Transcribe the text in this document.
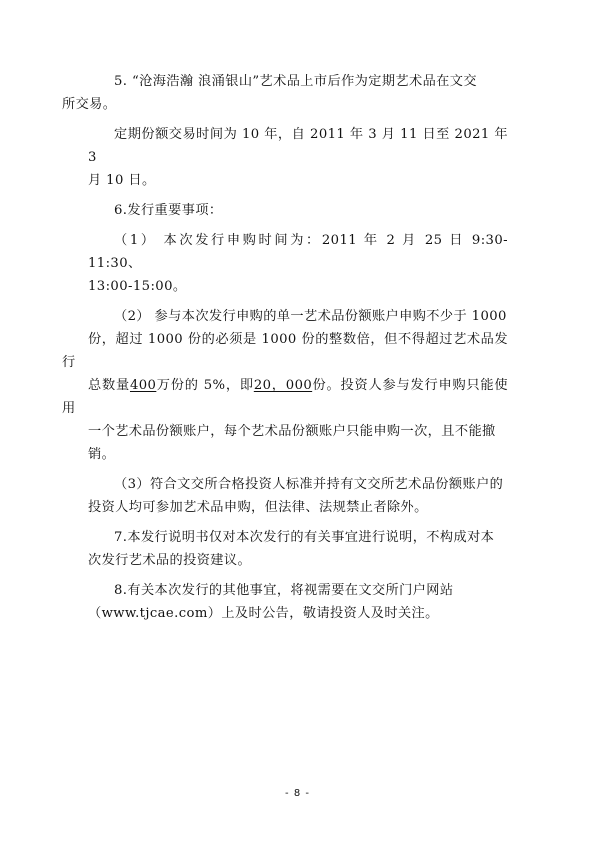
5. “沧海浩瀚 浪涌银山”艺术品上市后作为定期艺术品在文交
所交易。

定期份额交易时间为 10 年，自 2011 年 3 月 11 日至 2021 年 3
月 10 日。

6.发行重要事项：

（1） 本次发行申购时间为：2011 年 2 月 25 日 9:30-11:30、
13:00-15:00。

（2） 参与本次发行申购的单一艺术品份额账户申购不少于 1000
份，超过 1000 份的必须是 1000 份的整数倍，但不得超过艺术品发行
总数量400万份的 5%，即20，000份。投资人参与发行申购只能使用
一个艺术品份额账户，每个艺术品份额账户只能申购一次，且不能撤
销。

（3）符合文交所合格投资人标准并持有文交所艺术品份额账户的
投资人均可参加艺术品申购，但法律、法规禁止者除外。

7.本发行说明书仅对本次发行的有关事宜进行说明，不构成对本
次发行艺术品的投资建议。

8.有关本次发行的其他事宜，将视需要在文交所门户网站
（www.tjcae.com）上及时公告，敬请投资人及时关注。

- 8 -
